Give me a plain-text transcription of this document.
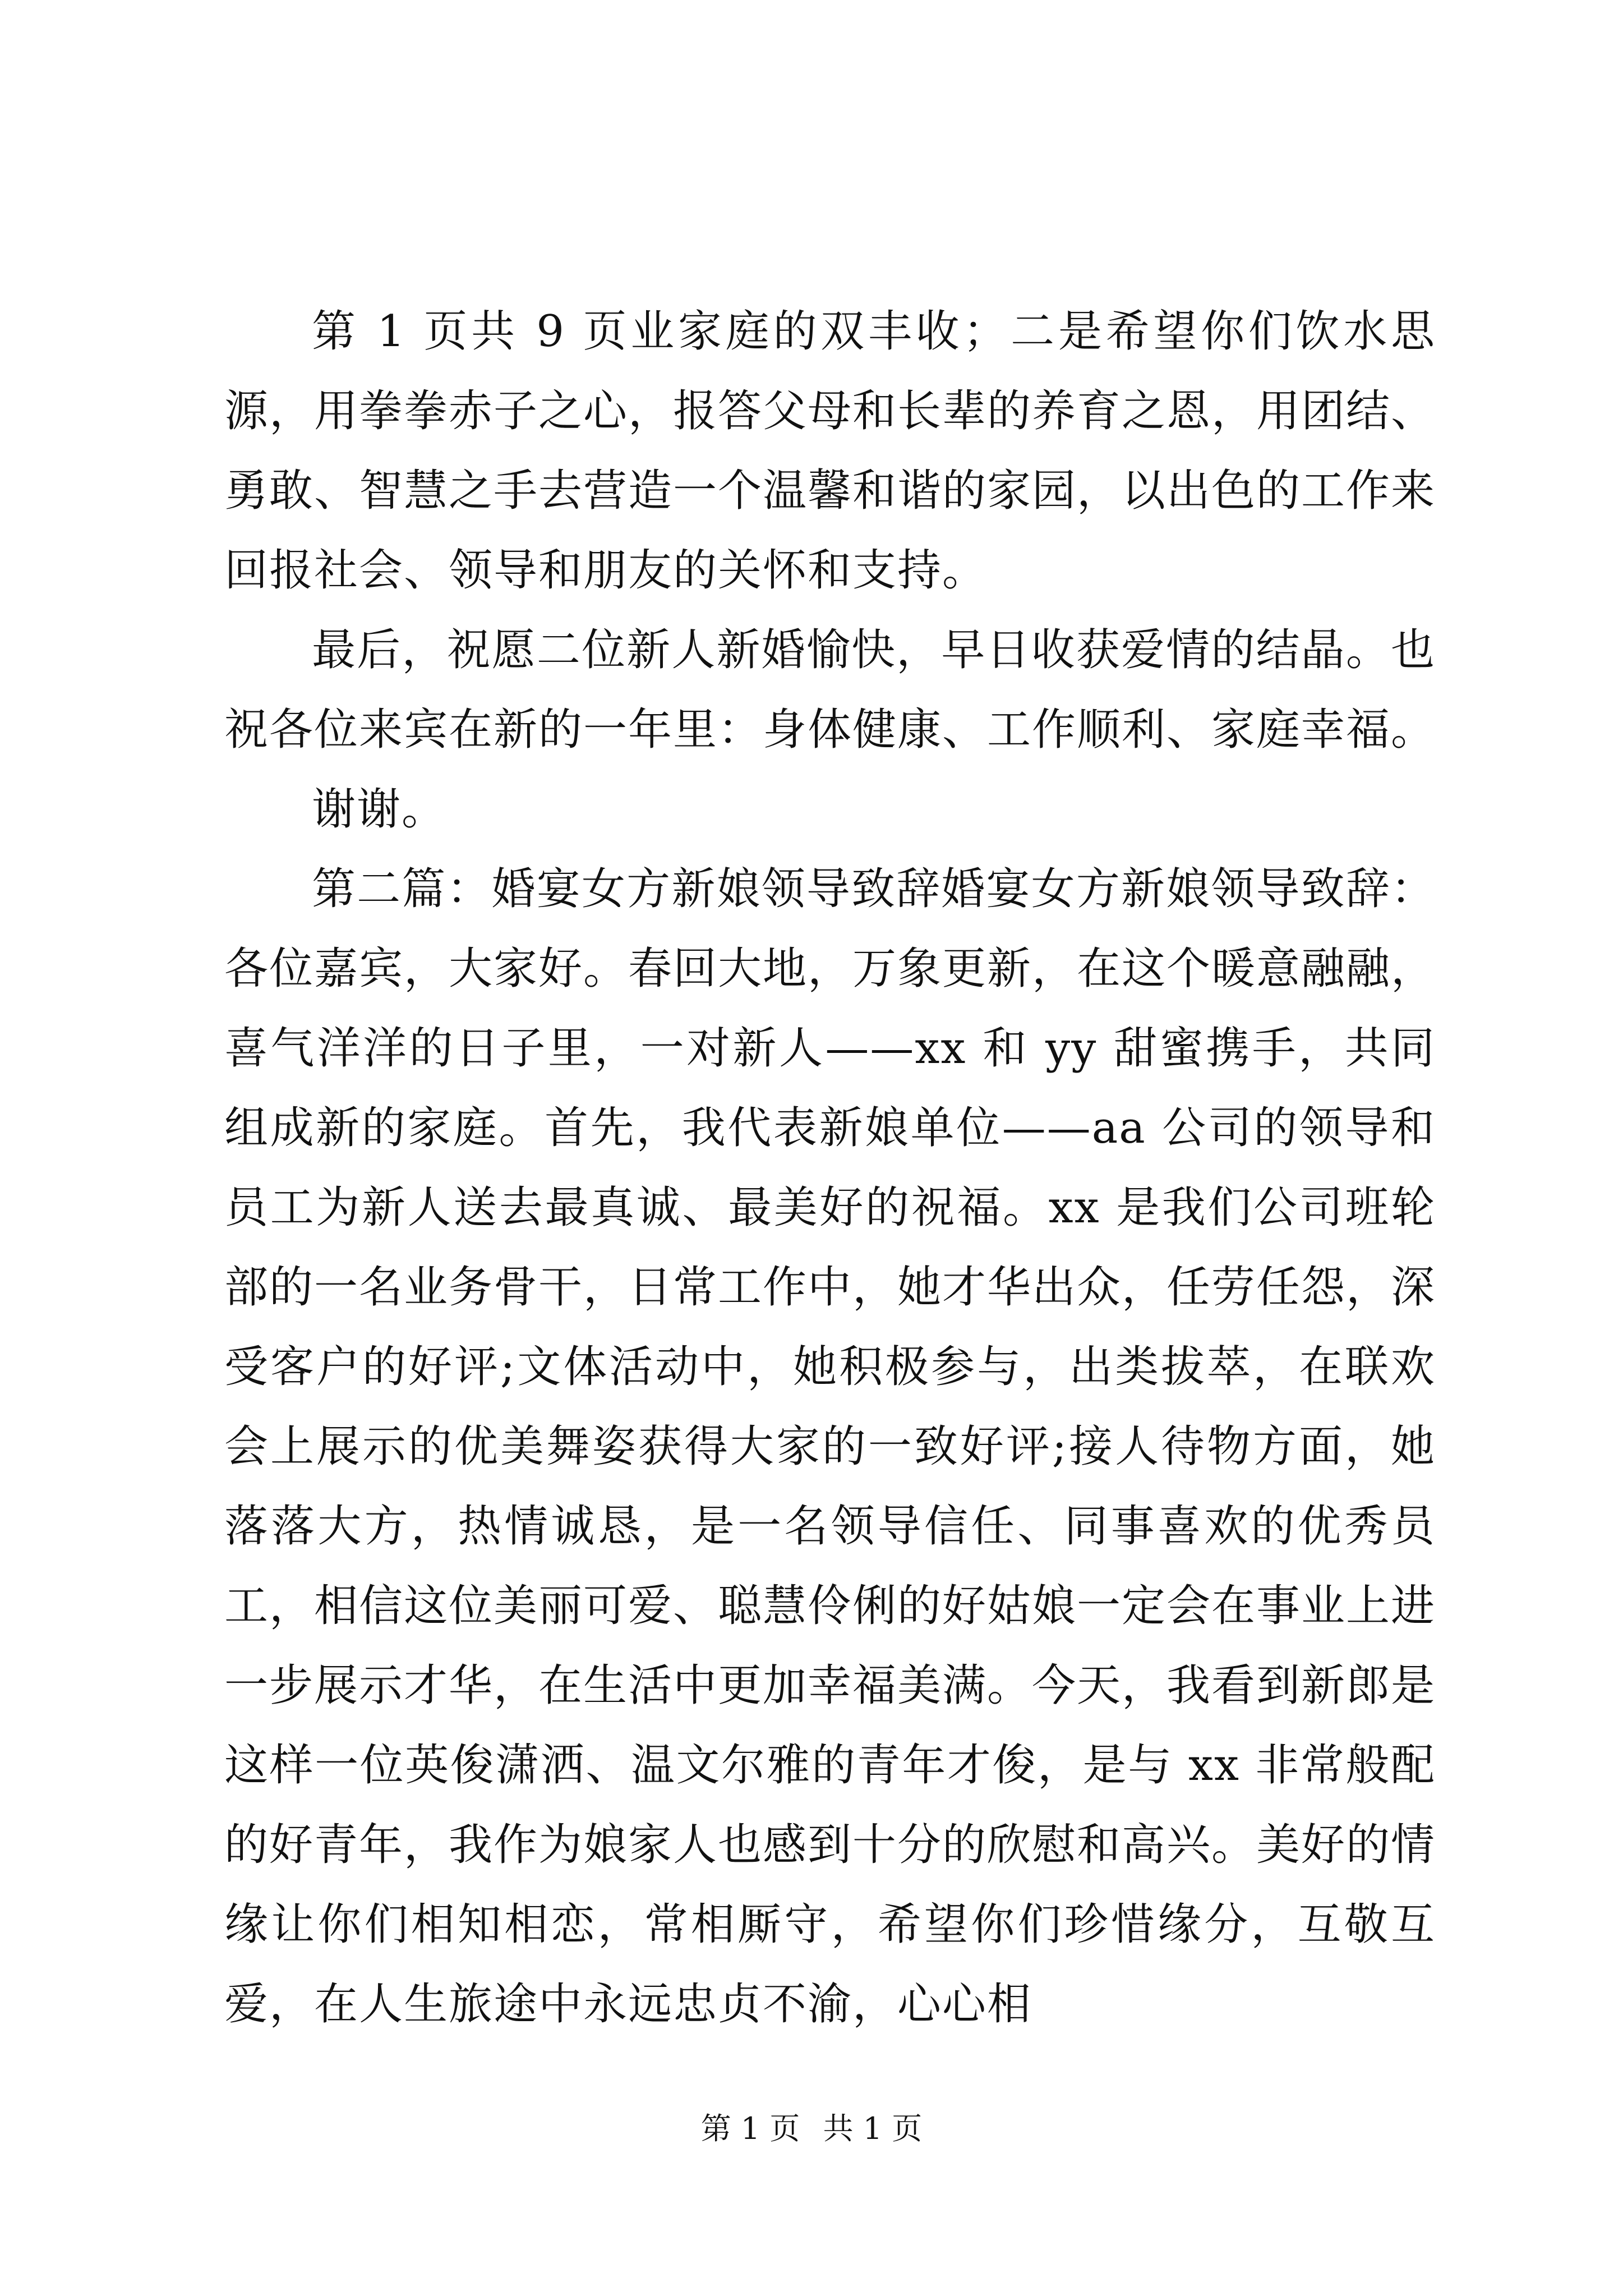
第 1 页共 9 页业家庭的双丰收；二是希望你们饮水思源，用拳拳赤子之心，报答父母和长辈的养育之恩，用团结、勇敢、智慧之手去营造一个温馨和谐的家园，以出色的工作来回报社会、领导和朋友的关怀和支持。

最后，祝愿二位新人新婚愉快，早日收获爱情的结晶。也祝各位来宾在新的一年里：身体健康、工作顺利、家庭幸福。

谢谢。

第二篇：婚宴女方新娘领导致辞婚宴女方新娘领导致辞：各位嘉宾，大家好。春回大地，万象更新，在这个暖意融融，喜气洋洋的日子里，一对新人——xx 和 yy 甜蜜携手，共同组成新的家庭。首先，我代表新娘单位——aa 公司的领导和员工为新人送去最真诚、最美好的祝福。xx 是我们公司班轮部的一名业务骨干，日常工作中，她才华出众，任劳任怨，深受客户的好评;文体活动中，她积极参与，出类拔萃，在联欢会上展示的优美舞姿获得大家的一致好评;接人待物方面，她落落大方，热情诚恳，是一名领导信任、同事喜欢的优秀员工，相信这位美丽可爱、聪慧伶俐的好姑娘一定会在事业上进一步展示才华，在生活中更加幸福美满。今天，我看到新郎是这样一位英俊潇洒、温文尔雅的青年才俊，是与 xx 非常般配的好青年，我作为娘家人也感到十分的欣慰和高兴。美好的情缘让你们相知相恋，常相厮守，希望你们珍惜缘分，互敬互爱，在人生旅途中永远忠贞不渝，心心相

第 1 页 共 1 页
